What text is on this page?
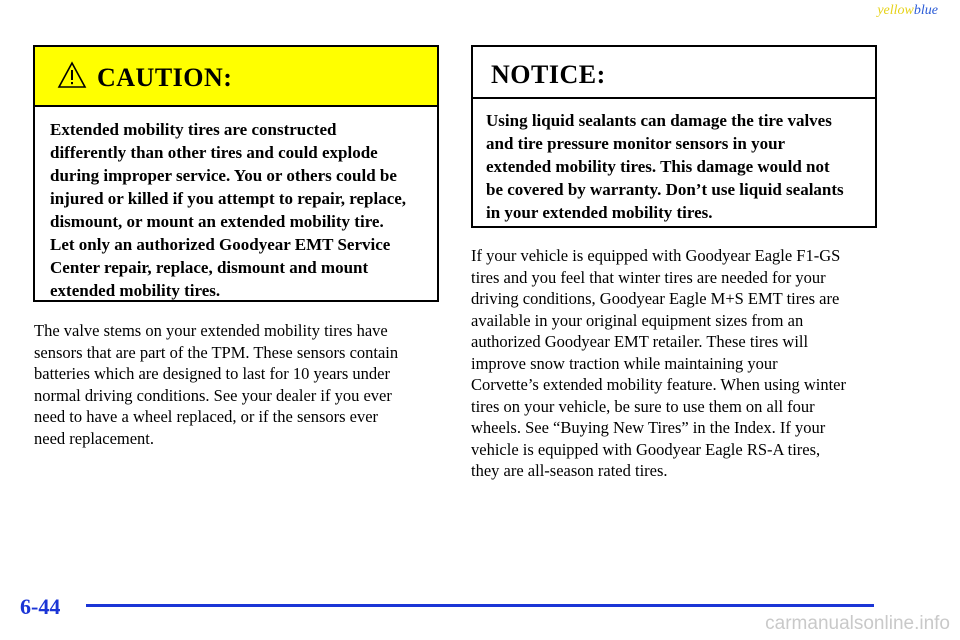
yellowblue
CAUTION:
Extended mobility tires are constructed
differently than other tires and could explode
during improper service. You or others could be
injured or killed if you attempt to repair, replace,
dismount, or mount an extended mobility tire.
Let only an authorized Goodyear EMT Service
Center repair, replace, dismount and mount
extended mobility tires.
The valve stems on your extended mobility tires have
sensors that are part of the TPM. These sensors contain
batteries which are designed to last for 10 years under
normal driving conditions. See your dealer if you ever
need to have a wheel replaced, or if the sensors ever
need replacement.
NOTICE:
Using liquid sealants can damage the tire valves
and tire pressure monitor sensors in your
extended mobility tires. This damage would not
be covered by warranty. Don’t use liquid sealants
in your extended mobility tires.
If your vehicle is equipped with Goodyear Eagle F1‐GS
tires and you feel that winter tires are needed for your
driving conditions, Goodyear Eagle M+S EMT tires are
available in your original equipment sizes from an
authorized Goodyear EMT retailer. These tires will
improve snow traction while maintaining your
Corvette’s extended mobility feature. When using winter
tires on your vehicle, be sure to use them on all four
wheels. See “Buying New Tires” in the Index. If your
vehicle is equipped with Goodyear Eagle RS‐A tires,
they are all‐season rated tires.
6-44
carmanualsonline.info
